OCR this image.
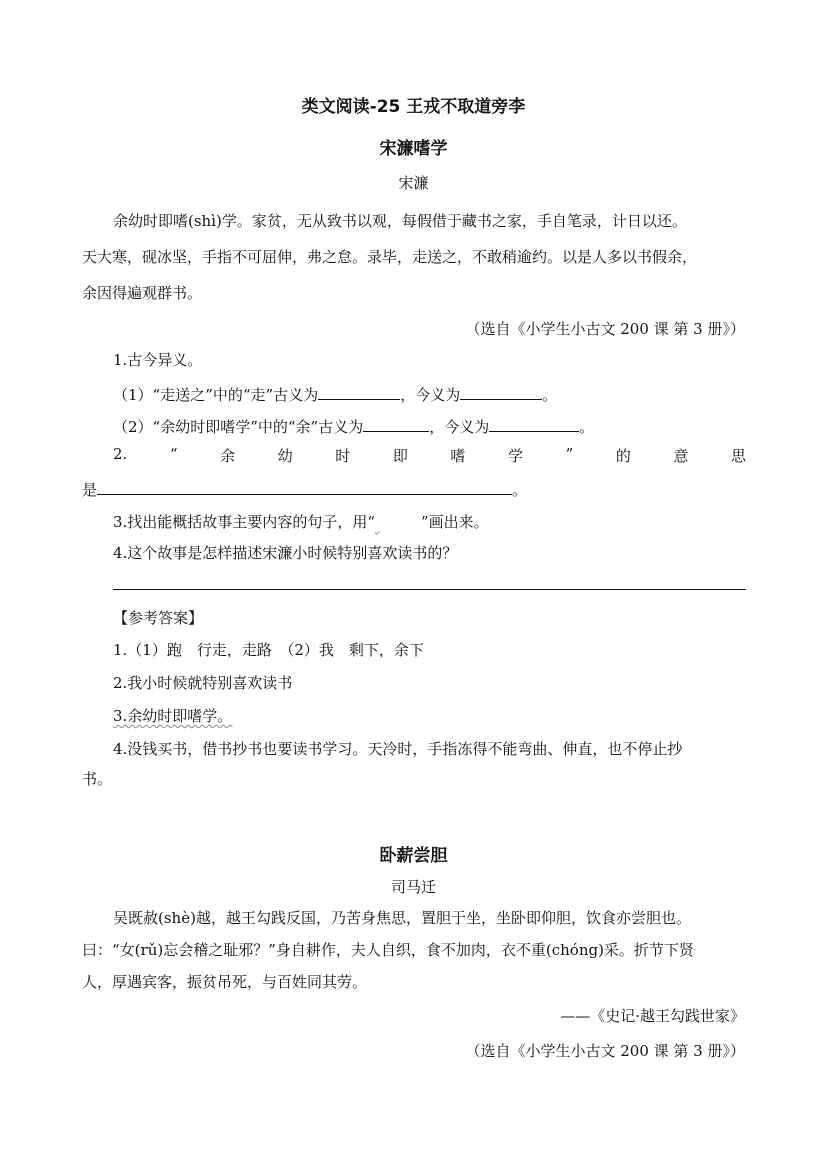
类文阅读-25 王戎不取道旁李
宋濂嗜学
宋濂
余幼时即嗜(shì)学。家贫，无从致书以观，每假借于藏书之家，手自笔录，计日以还。
天大寒，砚冰坚，手指不可屈伸，弗之怠。录毕，走送之，不敢稍逾约。以是人多以书假余，
余因得遍观群书。
（选自《小学生小古文 200 课 第 3 册》）
1.古今异义。
（1）“走送之”中的“走”古义为	，今义为	。
（2）“余幼时即嗜学”中的“余”古义为	，今义为	。
2.	“	余	幼	时	即	嗜	学	”	的	意	思
是	。
3.找出能概括故事主要内容的句子，用“	”画出来。
4.这个故事是怎样描述宋濂小时候特别喜欢读书的？
【参考答案】
1.（1）跑　行走，走路　（2）我　剩下，余下
2.我小时候就特别喜欢读书
3.余幼时即嗜学。
4.没钱买书，借书抄书也要读书学习。天冷时，手指冻得不能弯曲、伸直，也不停止抄
书。
卧薪尝胆
司马迁
吴既赦(shè)越，越王勾践反国，乃苦身焦思，置胆于坐，坐卧即仰胆，饮食亦尝胆也。
曰：“女(rǔ)忘会稽之耻邪？”身自耕作，夫人自织，食不加肉，衣不重(chóng)采。折节下贤
人，厚遇宾客，振贫吊死，与百姓同其劳。
——《史记·越王勾践世家》
（选自《小学生小古文 200 课 第 3 册》）
